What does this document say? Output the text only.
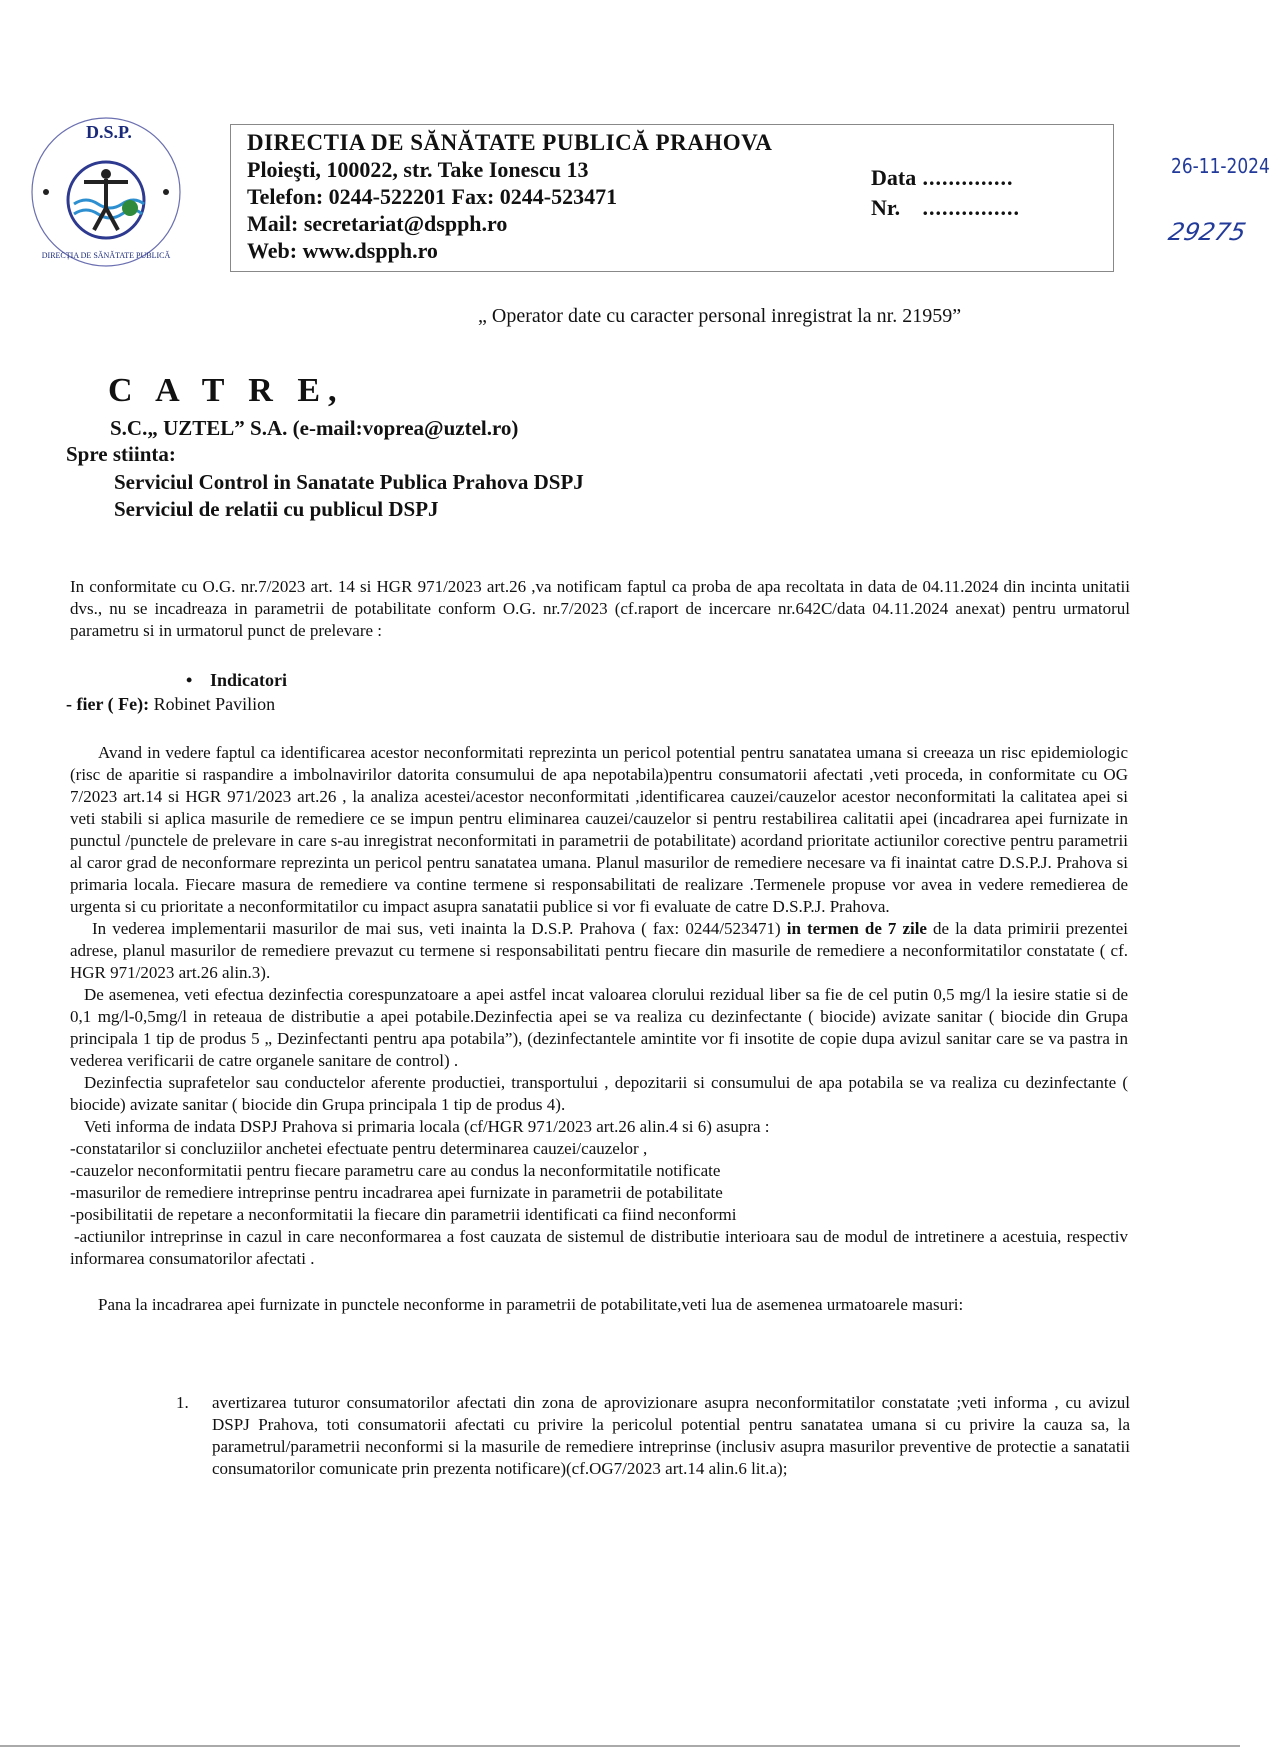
D.S.P.
DIRECȚIA DE SĂNĂTATE PUBLICĂ
DIRECTIA DE SĂNĂTATE PUBLICĂ PRAHOVA
Ploieşti, 100022, str. Take Ionescu 13
Telefon: 0244-522201 Fax: 0244-523471
Mail: secretariat@dspph.ro
Web: www.dspph.ro
Data ..............	26-11-2024
Nr. ...............
29275
„ Operator date cu caracter personal inregistrat la nr. 21959”
C A T R E,
S.C.„ UZTEL” S.A. (e-mail:voprea@uztel.ro)
Spre stiinta:
Serviciul Control in Sanatate Publica Prahova DSPJ
Serviciul de relatii cu publicul DSPJ

In conformitate cu O.G. nr.7/2023 art. 14 si HGR 971/2023 art.26 ,va notificam faptul ca proba de apa recoltata in data de 04.11.2024 din incinta unitatii dvs., nu se incadreaza in parametrii de potabilitate conform O.G. nr.7/2023 (cf.raport de incercare nr.642C/data 04.11.2024 anexat) pentru urmatorul parametru si in urmatorul punct de prelevare :

• Indicatori
- fier ( Fe): Robinet Pavilion

Avand in vedere faptul ca identificarea acestor neconformitati reprezinta un pericol potential pentru sanatatea umana si creeaza un risc epidemiologic (risc de aparitie si raspandire a imbolnavirilor datorita consumului de apa nepotabila)pentru consumatorii afectati ,veti proceda, in conformitate cu OG 7/2023 art.14 si HGR 971/2023 art.26 , la analiza acestei/acestor neconformitati ,identificarea cauzei/cauzelor acestor neconformitati la calitatea apei si veti stabili si aplica masurile de remediere ce se impun pentru eliminarea cauzei/cauzelor si pentru restabilirea calitatii apei (incadrarea apei furnizate in punctul /punctele de prelevare in care s-au inregistrat neconformitati in parametrii de potabilitate) acordand prioritate actiunilor corective pentru parametrii al caror grad de neconformare reprezinta un pericol pentru sanatatea umana. Planul masurilor de remediere necesare va fi inaintat catre D.S.P.J. Prahova si primaria locala. Fiecare masura de remediere va contine termene si responsabilitati de realizare .Termenele propuse vor avea in vedere remedierea de urgenta si cu prioritate a neconformitatilor cu impact asupra sanatatii publice si vor fi evaluate de catre D.S.P.J. Prahova.

In vederea implementarii masurilor de mai sus, veti inainta la D.S.P. Prahova ( fax: 0244/523471) in termen de 7 zile de la data primirii prezentei adrese, planul masurilor de remediere prevazut cu termene si responsabilitati pentru fiecare din masurile de remediere a neconformitatilor constatate ( cf. HGR 971/2023 art.26 alin.3).

De asemenea, veti efectua dezinfectia corespunzatoare a apei astfel incat valoarea clorului rezidual liber sa fie de cel putin 0,5 mg/l la iesire statie si de 0,1 mg/l-0,5mg/l in reteaua de distributie a apei potabile.Dezinfectia apei se va realiza cu dezinfectante ( biocide) avizate sanitar ( biocide din Grupa principala 1 tip de produs 5 „ Dezinfectanti pentru apa potabila”), (dezinfectantele amintite vor fi insotite de copie dupa avizul sanitar care se va pastra in vederea verificarii de catre organele sanitare de control) .

Dezinfectia suprafetelor sau conductelor aferente productiei, transportului , depozitarii si consumului de apa potabila se va realiza cu dezinfectante ( biocide) avizate sanitar ( biocide din Grupa principala 1 tip de produs 4).

Veti informa de indata DSPJ Prahova si primaria locala (cf/HGR 971/2023 art.26 alin.4 si 6) asupra :

-constatarilor si concluziilor anchetei efectuate pentru determinarea cauzei/cauzelor ,

-cauzelor neconformitatii pentru fiecare parametru care au condus la neconformitatile notificate

-masurilor de remediere intreprinse pentru incadrarea apei furnizate in parametrii de potabilitate

-posibilitatii de repetare a neconformitatii la fiecare din parametrii identificati ca fiind neconformi

-actiunilor intreprinse in cazul in care neconformarea a fost cauzata de sistemul de distributie interioara sau de modul de intretinere a acestuia, respectiv informarea consumatorilor afectati .

Pana la incadrarea apei furnizate in punctele neconforme in parametrii de potabilitate,veti lua de asemenea urmatoarele masuri:

1. avertizarea tuturor consumatorilor afectati din zona de aprovizionare asupra neconformitatilor constatate ;veti informa , cu avizul DSPJ Prahova, toti consumatorii afectati cu privire la pericolul potential pentru sanatatea umana si cu privire la cauza sa, la parametrul/parametrii neconformi si la masurile de remediere intreprinse (inclusiv asupra masurilor preventive de protectie a sanatatii consumatorilor comunicate prin prezenta notificare)(cf.OG7/2023 art.14 alin.6 lit.a);
